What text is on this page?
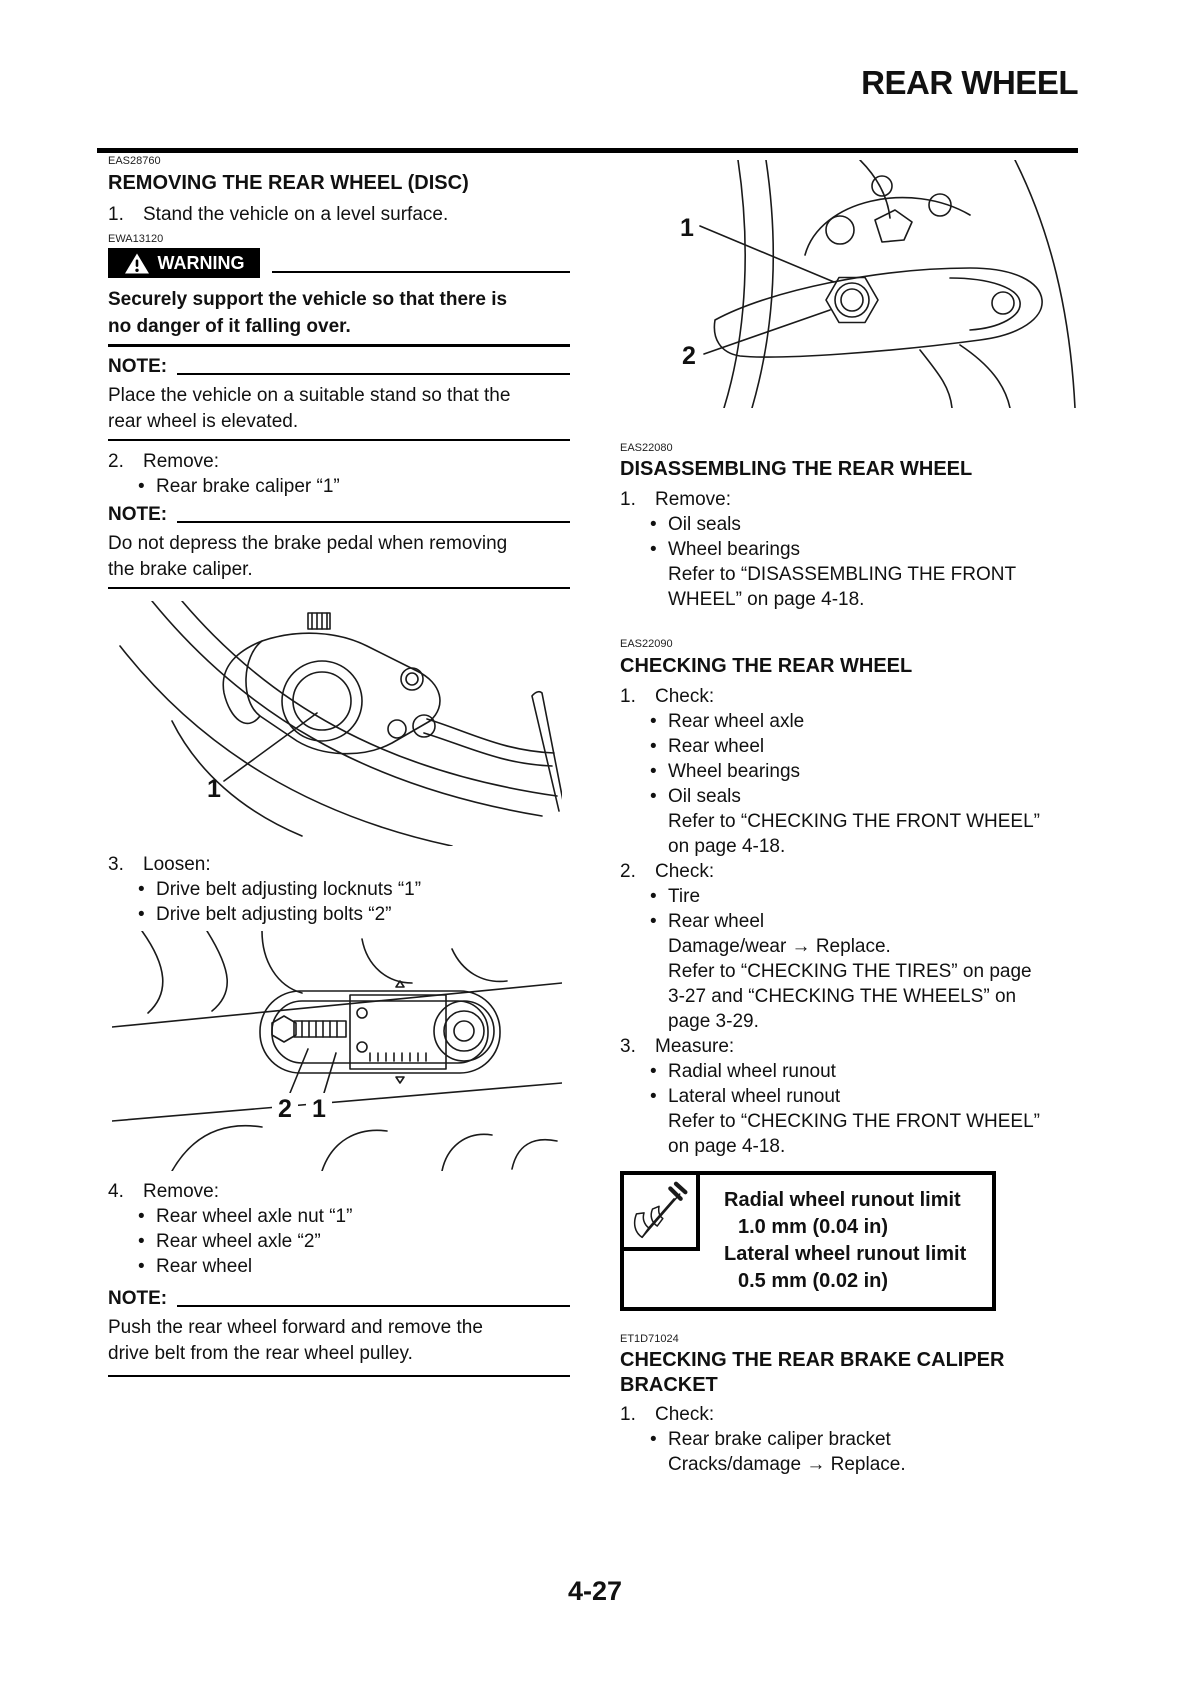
REAR WHEEL
EAS28760
REMOVING THE REAR WHEEL (DISC)
1.	Stand the vehicle on a level surface.
EWA13120
WARNING
Securely support the vehicle so that there is
no danger of it falling over.
NOTE:
Place the vehicle on a suitable stand so that the
rear wheel is elevated.
2.	Remove:
• Rear brake caliper “1”
NOTE:
Do not depress the brake pedal when removing
the brake caliper.
1
3.	Loosen:
• Drive belt adjusting locknuts “1”
• Drive belt adjusting bolts “2”
2 1
4.	Remove:
• Rear wheel axle nut “1”
• Rear wheel axle “2”
• Rear wheel
NOTE:
Push the rear wheel forward and remove the
drive belt from the rear wheel pulley.
1
2
EAS22080
DISASSEMBLING THE REAR WHEEL
1.	Remove:
• Oil seals
• Wheel bearings
Refer to “DISASSEMBLING THE FRONT
WHEEL” on page 4-18.
EAS22090
CHECKING THE REAR WHEEL
1.	Check:
• Rear wheel axle
• Rear wheel
• Wheel bearings
• Oil seals
Refer to “CHECKING THE FRONT WHEEL”
on page 4-18.
2.	Check:
• Tire
• Rear wheel
Damage/wear → Replace.
Refer to “CHECKING THE TIRES” on page
3-27 and “CHECKING THE WHEELS” on
page 3-29.
3.	Measure:
• Radial wheel runout
• Lateral wheel runout
Refer to “CHECKING THE FRONT WHEEL”
on page 4-18.
Radial wheel runout limit
1.0 mm (0.04 in)
Lateral wheel runout limit
0.5 mm (0.02 in)
ET1D71024
CHECKING THE REAR BRAKE CALIPER BRACKET
1.	Check:
• Rear brake caliper bracket
Cracks/damage → Replace.
4-27
